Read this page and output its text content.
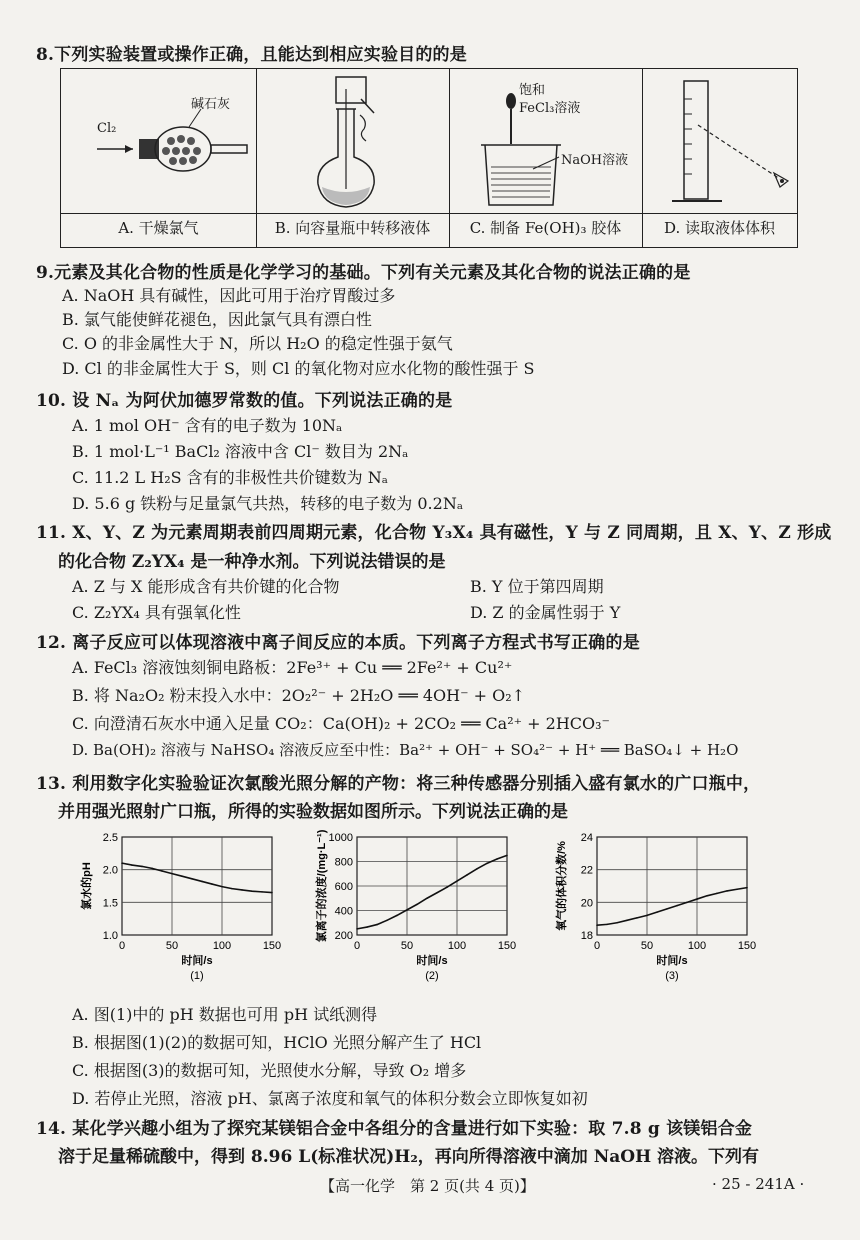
8.下列实验装置或操作正确，且能达到相应实验目的的是
Cl₂
碱石灰
饱和
FeCl₃溶液
NaOH溶液
A. 干燥氯气	B. 向容量瓶中转移液体	C. 制备 Fe(OH)₃ 胶体	D. 读取液体体积
9.元素及其化合物的性质是化学学习的基础。下列有关元素及其化合物的说法正确的是
A. NaOH 具有碱性，因此可用于治疗胃酸过多
B. 氯气能使鲜花褪色，因此氯气具有漂白性
C. O 的非金属性大于 N，所以 H₂O 的稳定性强于氨气
D. Cl 的非金属性大于 S，则 Cl 的氧化物对应水化物的酸性强于 S
10. 设 Nₐ 为阿伏加德罗常数的值。下列说法正确的是
A. 1 mol OH⁻ 含有的电子数为 10Nₐ
B. 1 mol·L⁻¹ BaCl₂ 溶液中含 Cl⁻ 数目为 2Nₐ
C. 11.2 L H₂S 含有的非极性共价键数为 Nₐ
D. 5.6 g 铁粉与足量氯气共热，转移的电子数为 0.2Nₐ
11. X、Y、Z 为元素周期表前四周期元素，化合物 Y₃X₄ 具有磁性，Y 与 Z 同周期，且 X、Y、Z 形成
的化合物 Z₂YX₄ 是一种净水剂。下列说法错误的是
A. Z 与 X 能形成含有共价键的化合物	B. Y 位于第四周期
C. Z₂YX₄ 具有强氧化性	D. Z 的金属性弱于 Y
12. 离子反应可以体现溶液中离子间反应的本质。下列离子方程式书写正确的是
A. FeCl₃ 溶液蚀刻铜电路板：2Fe³⁺ + Cu ══ 2Fe²⁺ + Cu²⁺
B. 将 Na₂O₂ 粉末投入水中：2O₂²⁻ + 2H₂O ══ 4OH⁻ + O₂↑
C. 向澄清石灰水中通入足量 CO₂：Ca(OH)₂ + 2CO₂ ══ Ca²⁺ + 2HCO₃⁻
D. Ba(OH)₂ 溶液与 NaHSO₄ 溶液反应至中性：Ba²⁺ + OH⁻ + SO₄²⁻ + H⁺ ══ BaSO₄↓ + H₂O
13. 利用数字化实验验证次氯酸光照分解的产物：将三种传感器分别插入盛有氯水的广口瓶中，
并用强光照射广口瓶，所得的实验数据如图所示。下列说法正确的是
0	50	100	150
1.0
1.5
2.0
2.5
时间/s
(1)
氯水的pH
0	50	100	150
200
400
600
800
1000
时间/s
(2)
氯离子的浓度/(mg·L⁻¹)
0	50	100	150
18
20
22
24
时间/s
(3)
氧气的体积分数/%
A. 图(1)中的 pH 数据也可用 pH 试纸测得
B. 根据图(1)(2)的数据可知，HClO 光照分解产生了 HCl
C. 根据图(3)的数据可知，光照使水分解，导致 O₂ 增多
D. 若停止光照，溶液 pH、氯离子浓度和氧气的体积分数会立即恢复如初
14. 某化学兴趣小组为了探究某镁铝合金中各组分的含量进行如下实验：取 7.8 g 该镁铝合金
溶于足量稀硫酸中，得到 8.96 L(标准状况)H₂，再向所得溶液中滴加 NaOH 溶液。下列有
【高一化学　第 2 页(共 4 页)】	· 25 - 241A ·
